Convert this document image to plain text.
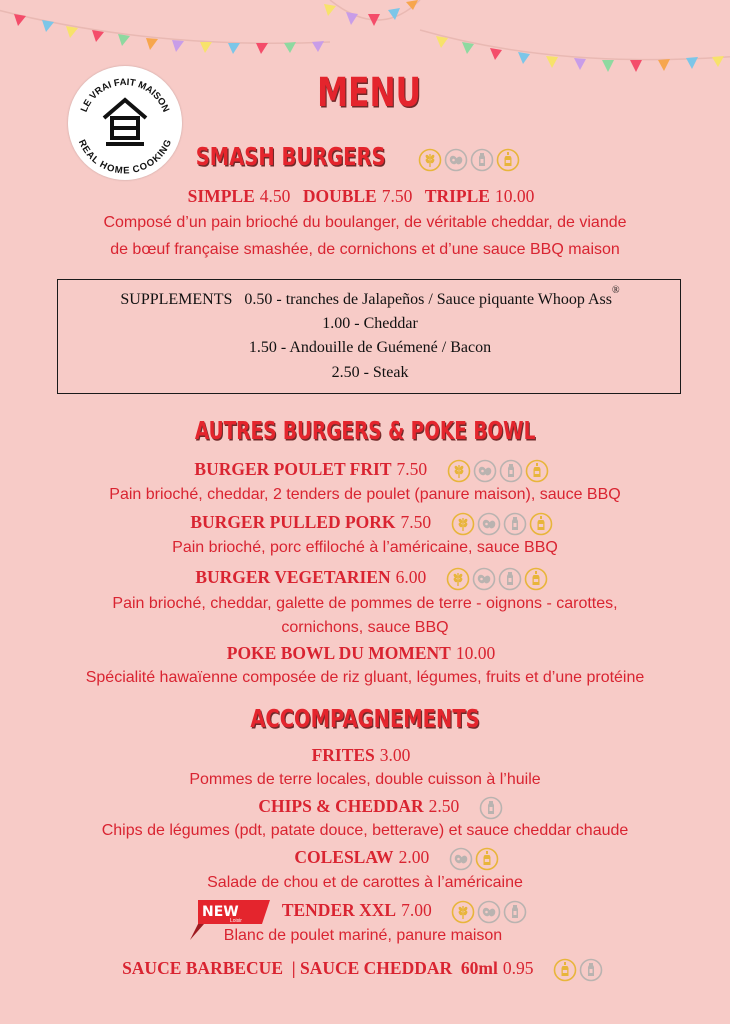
LE VRAI FAIT MAISON
REAL HOME COOKING
MENU
SMASH BURGERS
SIMPLE 4.50 DOUBLE 7.50 TRIPLE 10.00
Composé d’un pain brioché du boulanger, de véritable cheddar, de viande
de bœuf française smashée, de cornichons et d’une sauce BBQ maison
SUPPLEMENTS 0.50 - tranches de Jalapeños / Sauce piquante Whoop Ass®
1.00 - Cheddar
1.50 - Andouille de Guémené / Bacon
2.50 - Steak
AUTRES BURGERS & POKE BOWL
BURGER POULET FRIT 7.50
Pain brioché, cheddar, 2 tenders de poulet (panure maison), sauce BBQ
BURGER PULLED PORK 7.50
Pain brioché, porc effiloché à l’américaine, sauce BBQ
BURGER VEGETARIEN 6.00
Pain brioché, cheddar, galette de pommes de terre - oignons - carottes,
cornichons, sauce BBQ
POKE BOWL DU MOMENT 10.00
Spécialité hawaïenne composée de riz gluant, légumes, fruits et d’une protéine
ACCOMPAGNEMENTS
FRITES 3.00
Pommes de terre locales, double cuisson à l’huile
CHIPS & CHEDDAR 2.50
Chips de légumes (pdt, patate douce, betterave) et sauce cheddar chaude
COLESLAW 2.00
Salade de chou et de carottes à l’américaine
NEW
Loisir
TENDER XXL 7.00
Blanc de poulet mariné, panure maison
SAUCE BARBECUE  | SAUCE CHEDDAR  60ml 0.95
